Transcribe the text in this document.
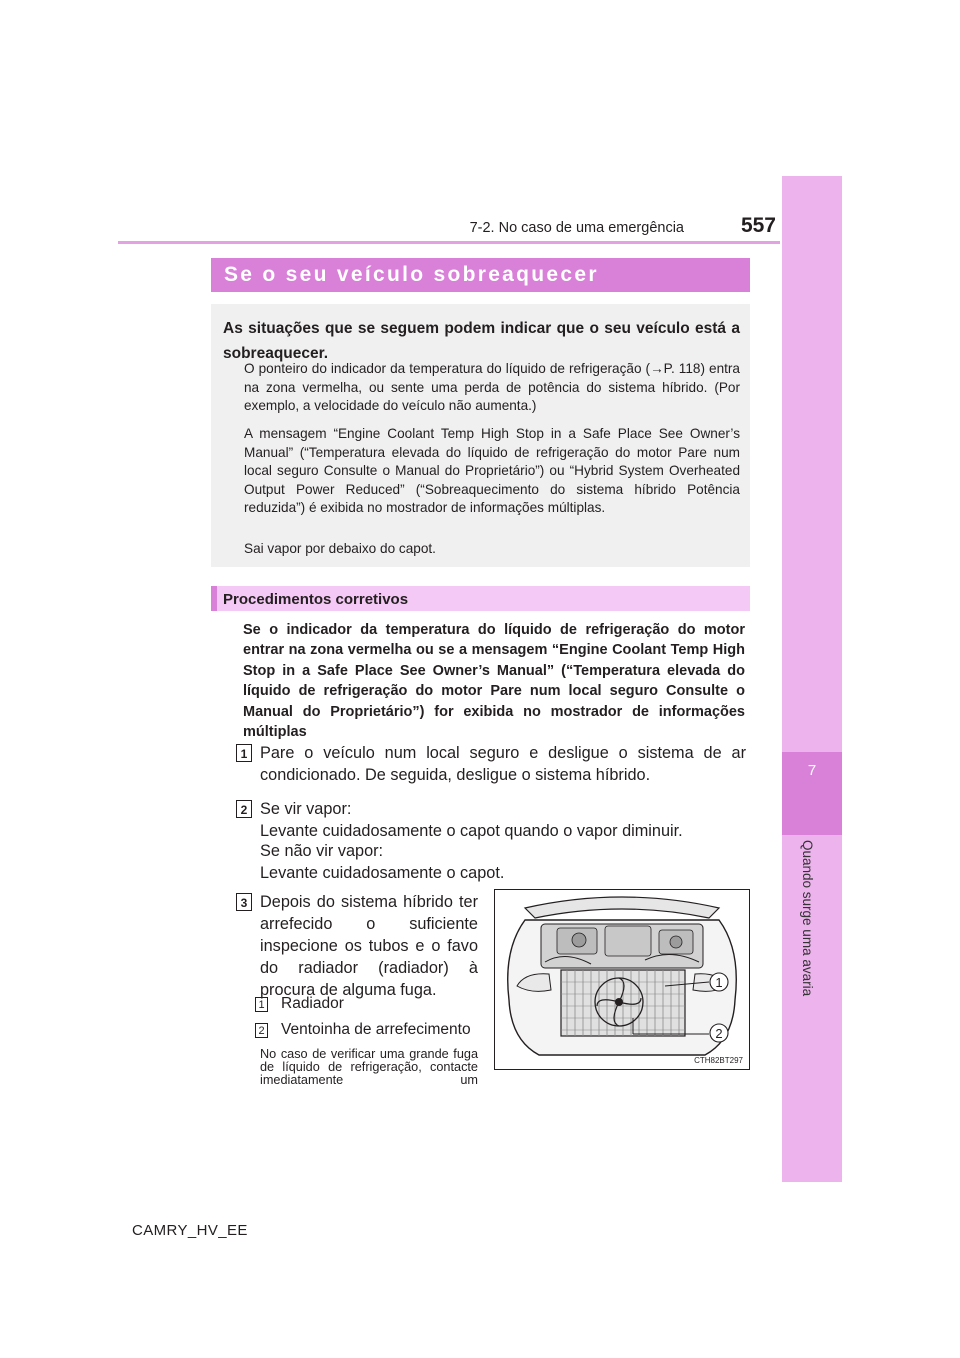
7
Quando surge uma avaria
7-2. No caso de uma emergência	557
Se o seu veículo sobreaquecer
As situações que se seguem podem indicar que o seu veículo está a sobreaquecer.
O ponteiro do indicador da temperatura do líquido de refrigeração (→P. 118) entra na zona vermelha, ou sente uma perda de potência do sistema híbrido. (Por exemplo, a velocidade do veículo não aumenta.)
A mensagem “Engine Coolant Temp High Stop in a Safe Place See Owner’s Manual” (“Temperatura elevada do líquido de refrigeração do motor Pare num local seguro Consulte o Manual do Proprietário”) ou “Hybrid System Overheated Output Power Reduced” (“Sobreaquecimento do sistema híbrido Potência reduzida”) é exibida no mostrador de informações múltiplas.
Sai vapor por debaixo do capot.
Procedimentos corretivos
Se o indicador da temperatura do líquido de refrigeração do motor entrar na zona vermelha ou se a mensagem “Engine Coolant Temp High Stop in a Safe Place See Owner’s Manual” (“Temperatura elevada do líquido de refrigeração do motor Pare num local seguro Consulte o Manual do Proprietário”) for exibida no mostrador de informações múltiplas
1 Pare o veículo num local seguro e desligue o sistema de ar condicionado. De seguida, desligue o sistema híbrido.
2 Se vir vapor:
Levante cuidadosamente o capot quando o vapor diminuir.
Se não vir vapor:
Levante cuidadosamente o capot.
3 Depois do sistema híbrido ter arrefecido o suficiente inspecione os tubos e o favo do radiador (radiador) à procura de alguma fuga.
1 Radiador
2 Ventoinha de arrefecimento
No caso de verificar uma grande fuga de líquido de refrigeração, contacte imediatamente um
1
2
CTH82BT297
CAMRY_HV_EE
